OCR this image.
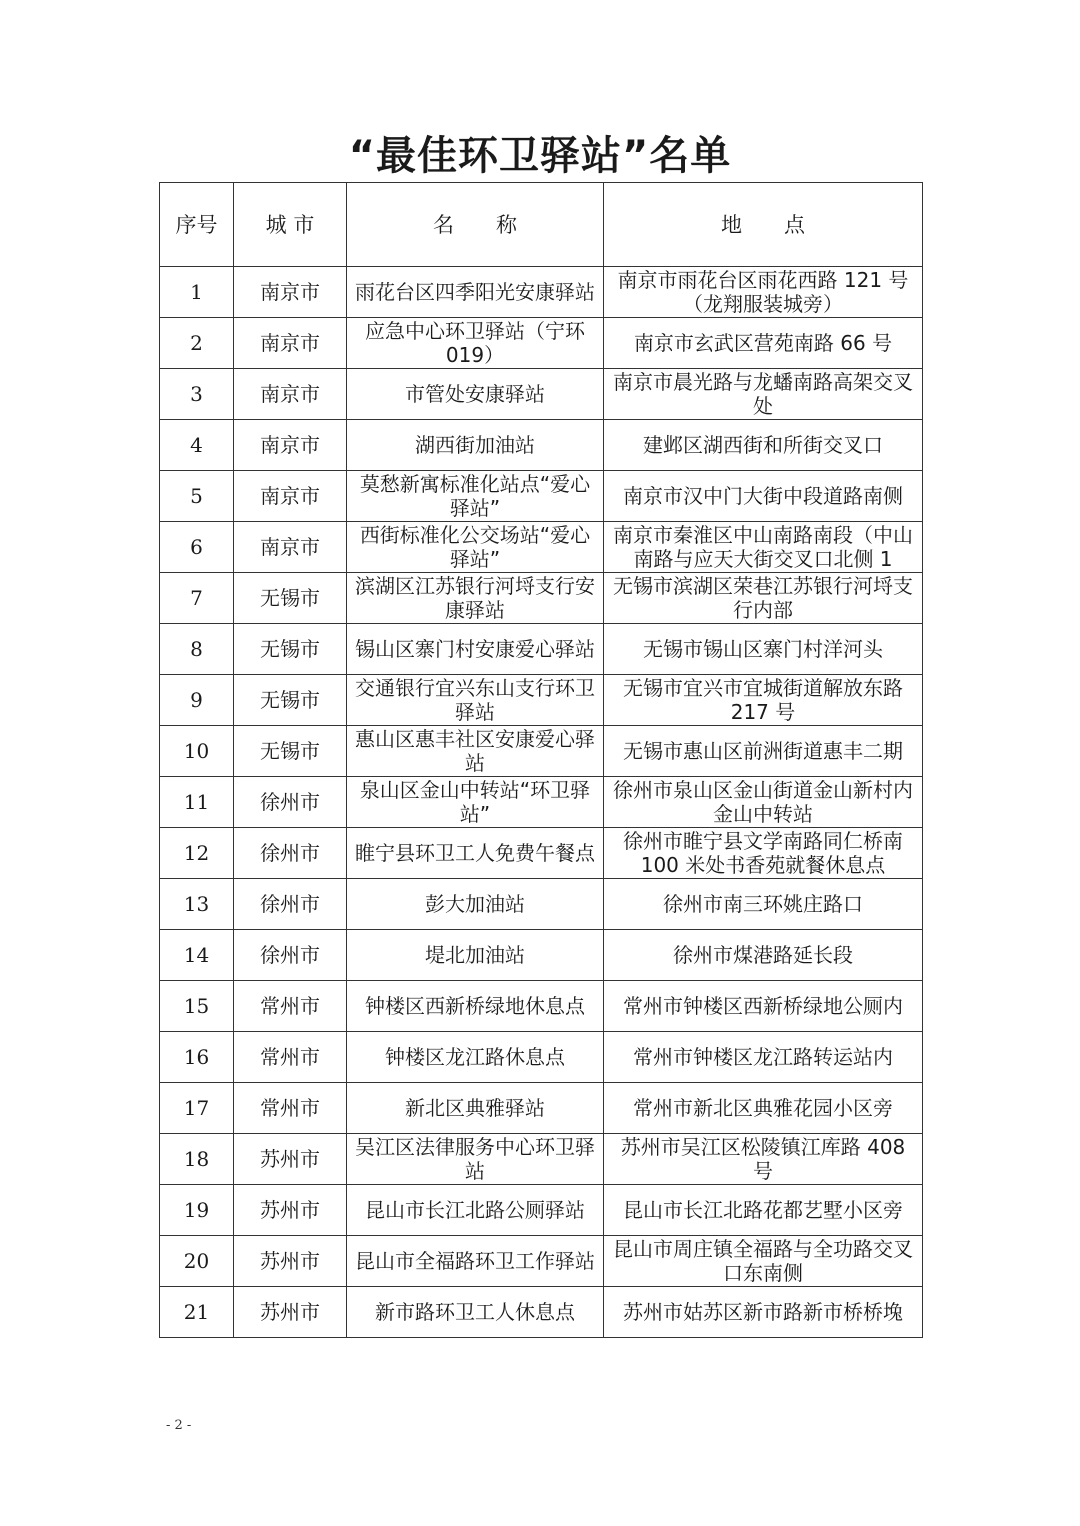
“最佳环卫驿站”名单
序号	城 市	名　　称	地　　点
1	南京市	雨花台区四季阳光安康驿站	南京市雨花台区雨花西路 121 号（龙翔服装城旁）
2	南京市	应急中心环卫驿站（宁环 019）	南京市玄武区营苑南路 66 号
3	南京市	市管处安康驿站	南京市晨光路与龙蟠南路高架交叉处
4	南京市	湖西街加油站	建邺区湖西街和所街交叉口
5	南京市	莫愁新寓标准化站点“爱心驿站”	南京市汉中门大街中段道路南侧
6	南京市	西街标准化公交场站“爱心驿站”	南京市秦淮区中山南路南段（中山南路与应天大街交叉口北侧 1
7	无锡市	滨湖区江苏银行河埒支行安康驿站	无锡市滨湖区荣巷江苏银行河埒支行内部
8	无锡市	锡山区寨门村安康爱心驿站	无锡市锡山区寨门村洋河头
9	无锡市	交通银行宜兴东山支行环卫驿站	无锡市宜兴市宜城街道解放东路 217 号
10	无锡市	惠山区惠丰社区安康爱心驿站	无锡市惠山区前洲街道惠丰二期
11	徐州市	泉山区金山中转站“环卫驿站”	徐州市泉山区金山街道金山新村内金山中转站
12	徐州市	睢宁县环卫工人免费午餐点	徐州市睢宁县文学南路同仁桥南 100 米处书香苑就餐休息点
13	徐州市	彭大加油站	徐州市南三环姚庄路口
14	徐州市	堤北加油站	徐州市煤港路延长段
15	常州市	钟楼区西新桥绿地休息点	常州市钟楼区西新桥绿地公厕内
16	常州市	钟楼区龙江路休息点	常州市钟楼区龙江路转运站内
17	常州市	新北区典雅驿站	常州市新北区典雅花园小区旁
18	苏州市	吴江区法律服务中心环卫驿站	苏州市吴江区松陵镇江库路 408 号
19	苏州市	昆山市长江北路公厕驿站	昆山市长江北路花都艺墅小区旁
20	苏州市	昆山市全福路环卫工作驿站	昆山市周庄镇全福路与全功路交叉口东南侧
21	苏州市	新市路环卫工人休息点	苏州市姑苏区新市路新市桥桥堍
- 2 -
